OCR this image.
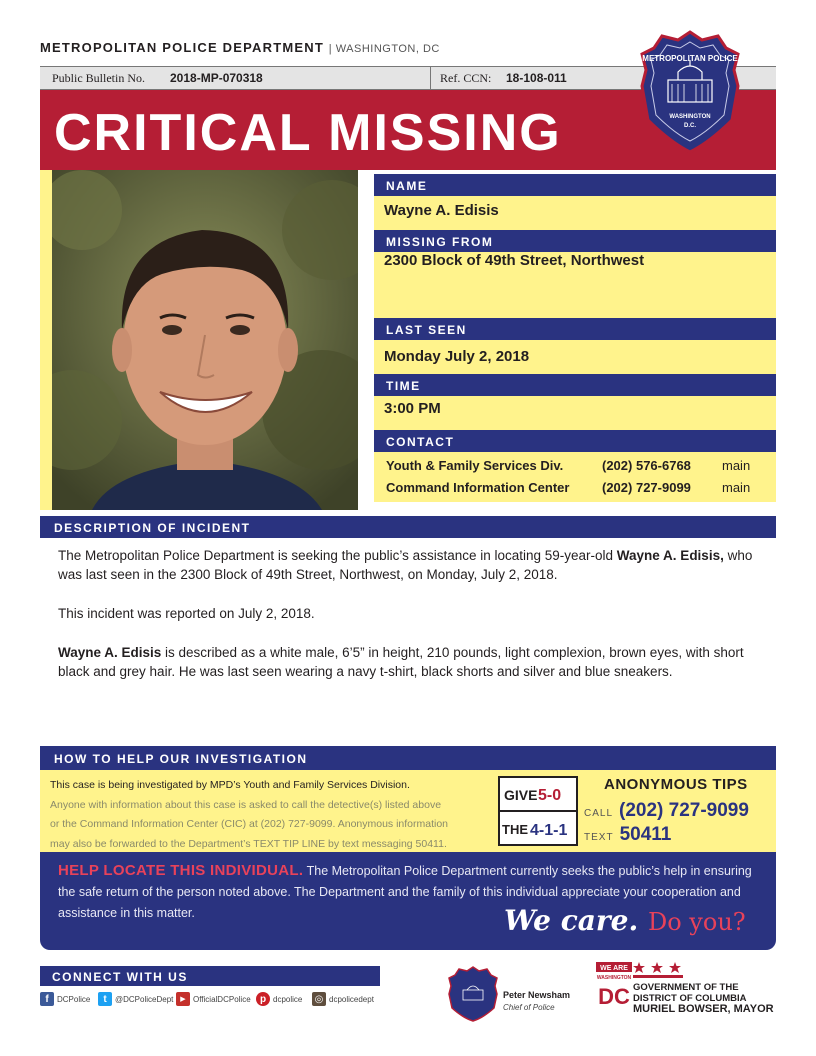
METROPOLITAN POLICE DEPARTMENT | WASHINGTON, DC
Public Bulletin No. 2018-MP-070318	Ref. CCN: 18-108-011
CRITICAL MISSING
METROPOLITAN POLICE
WASHINGTON
D.C.
NAME
Wayne A. Edisis
MISSING FROM
2300 Block of 49th Street, Northwest
LAST SEEN
Monday July 2, 2018
TIME
3:00 PM
CONTACT
Youth & Family Services Div.	(202) 576-6768 main
Command Information Center	(202) 727-9099 main
DESCRIPTION OF INCIDENT

The Metropolitan Police Department is seeking the public’s assistance in locating 59-year-old Wayne A. Edisis, who was last seen in the 2300 Block of 49th Street, Northwest, on Monday, July 2, 2018.

This incident was reported on July 2, 2018.

Wayne A. Edisis is described as a white male, 6’5” in height, 210 pounds, light complexion, brown eyes, with short black and grey hair. He was last seen wearing a navy t-shirt, black shorts and silver and blue sneakers.

HOW TO HELP OUR INVESTIGATION
This case is being investigated by MPD’s Youth and Family Services Division.
Anyone with information about this case is asked to call the detective(s) listed above
or the Command Information Center (CIC) at (202) 727-9099. Anonymous information
may also be forwarded to the Department’s TEXT TIP LINE by text messaging 50411.
GIVE 5-0
THE 4-1-1
ANONYMOUS TIPS
CALL (202) 727-9099
TEXT 50411
HELP LOCATE THIS INDIVIDUAL. The Metropolitan Police Department currently seeks the public’s help in ensuring the safe return of the person noted above. The Department and the family of this individual appreciate your cooperation and assistance in this matter.	We care. Do you?
CONNECT WITH US
f	DCPolice	t	@DCPoliceDept ▶ OfficialDCPolice p dcpolice ◎ dcpolicedept	Peter Newsham
Chief of Police
WE ARE
WASHINGTON
DC GOVERNMENT OF THE
DISTRICT OF COLUMBIA
MURIEL BOWSER, MAYOR
